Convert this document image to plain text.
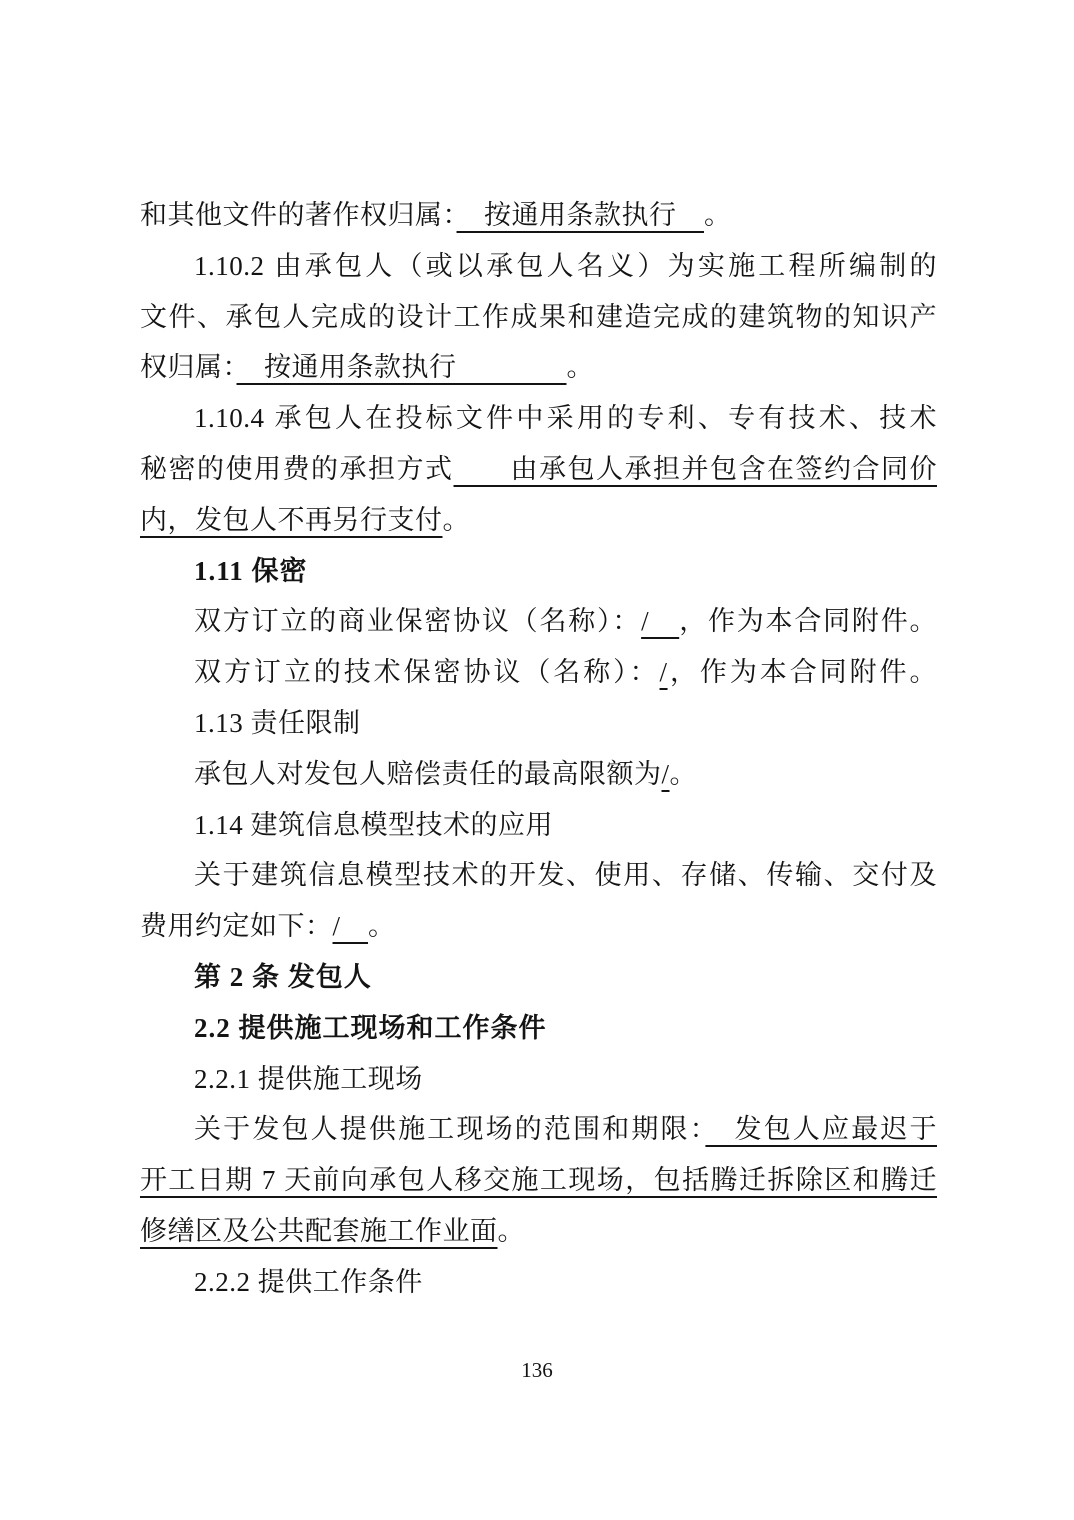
和其他文件的著作权归属：　按通用条款执行　。
1.10.2 由承包人（或以承包人名义）为实施工程所编制的
文件、承包人完成的设计工作成果和建造完成的建筑物的知识产
权归属：　按通用条款执行　　　　。
1.10.4 承包人在投标文件中采用的专利、专有技术、技术
秘密的使用费的承担方式　　由承包人承担并包含在签约合同价
内，发包人不再另行支付。
1.11 保密
双方订立的商业保密协议（名称）：/　，作为本合同附件。
双方订立的技术保密协议（名称）：/，作为本合同附件。
1.13 责任限制
承包人对发包人赔偿责任的最高限额为/。
1.14 建筑信息模型技术的应用
关于建筑信息模型技术的开发、使用、存储、传输、交付及
费用约定如下：/　。
第 2 条 发包人
2.2 提供施工现场和工作条件
2.2.1 提供施工现场
关于发包人提供施工现场的范围和期限：　发包人应最迟于
开工日期 7 天前向承包人移交施工现场，包括腾迁拆除区和腾迁
修缮区及公共配套施工作业面。
2.2.2 提供工作条件
136
